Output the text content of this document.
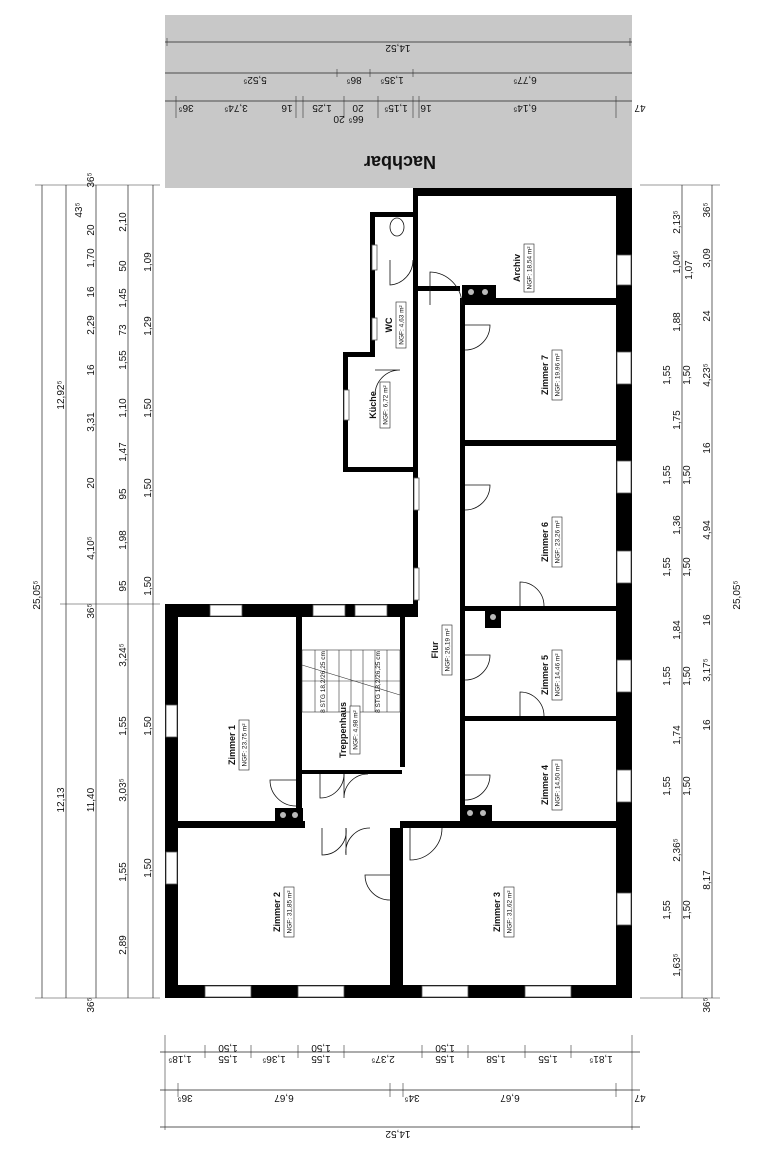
Nachbar
14,52
5,52⁵	86⁵ 1,35⁵	6,77⁵
36⁵	3,74⁵	16 1,25
20 66⁵
20 1,15⁵ 16	6,14⁵	47
Archiv NGF: 18,54 m²
WC NGF: 4,63 m²
Küche NGF: 6,72 m²
Zimmer 7 NGF: 19,96 m²
Zimmer 6 NGF: 23,26 m²
Zimmer 5 NGF: 14,46 m²
Zimmer 4 NGF: 14,50 m²
Flur NGF: 26,19 m²
Treppenhaus NGF: 4,98 m²
8 STG 18,2/26,25 cm	8 STG 18,2/26,25 cm
Zimmer 1 NGF: 23,75 m²
Zimmer 2 NGF: 31,85 m²	Zimmer 3 NGF: 31,62 m²
1,18⁵	1,55
1,50
1,36⁵	1,55
1,50
2,37⁵
1,50
1,55	1,58	1,55	1,81⁵
36⁵	6,67	34⁵	6,67	47
14,52
25,05⁵
12,92⁵
12,13
36⁵
43⁵
20
16
16
20
4,10⁵
36⁵
3,24⁵
11,40 3,03⁵
36⁵
2,10
1,70
1,45
2,29
1,55
3,31
1,47
1,98
95
1,55
1,55
2,89
50 1,09
73 1,29
1,10 1,50
95 1,50
1,50
1,50
1,50
25,05⁵
36⁵
3,09
24
4,23⁵
16
4,94
16
3,17⁵
16
8,17
36⁵
2,13⁵
1,04⁵ 1,07
1,88
1,55 1,50
1,75
1,55 1,50
1,36
1,55 1,50
1,84
1,55 1,50
1,74
1,55 1,50
2,36⁵
1,55 1,50
1,63⁵
